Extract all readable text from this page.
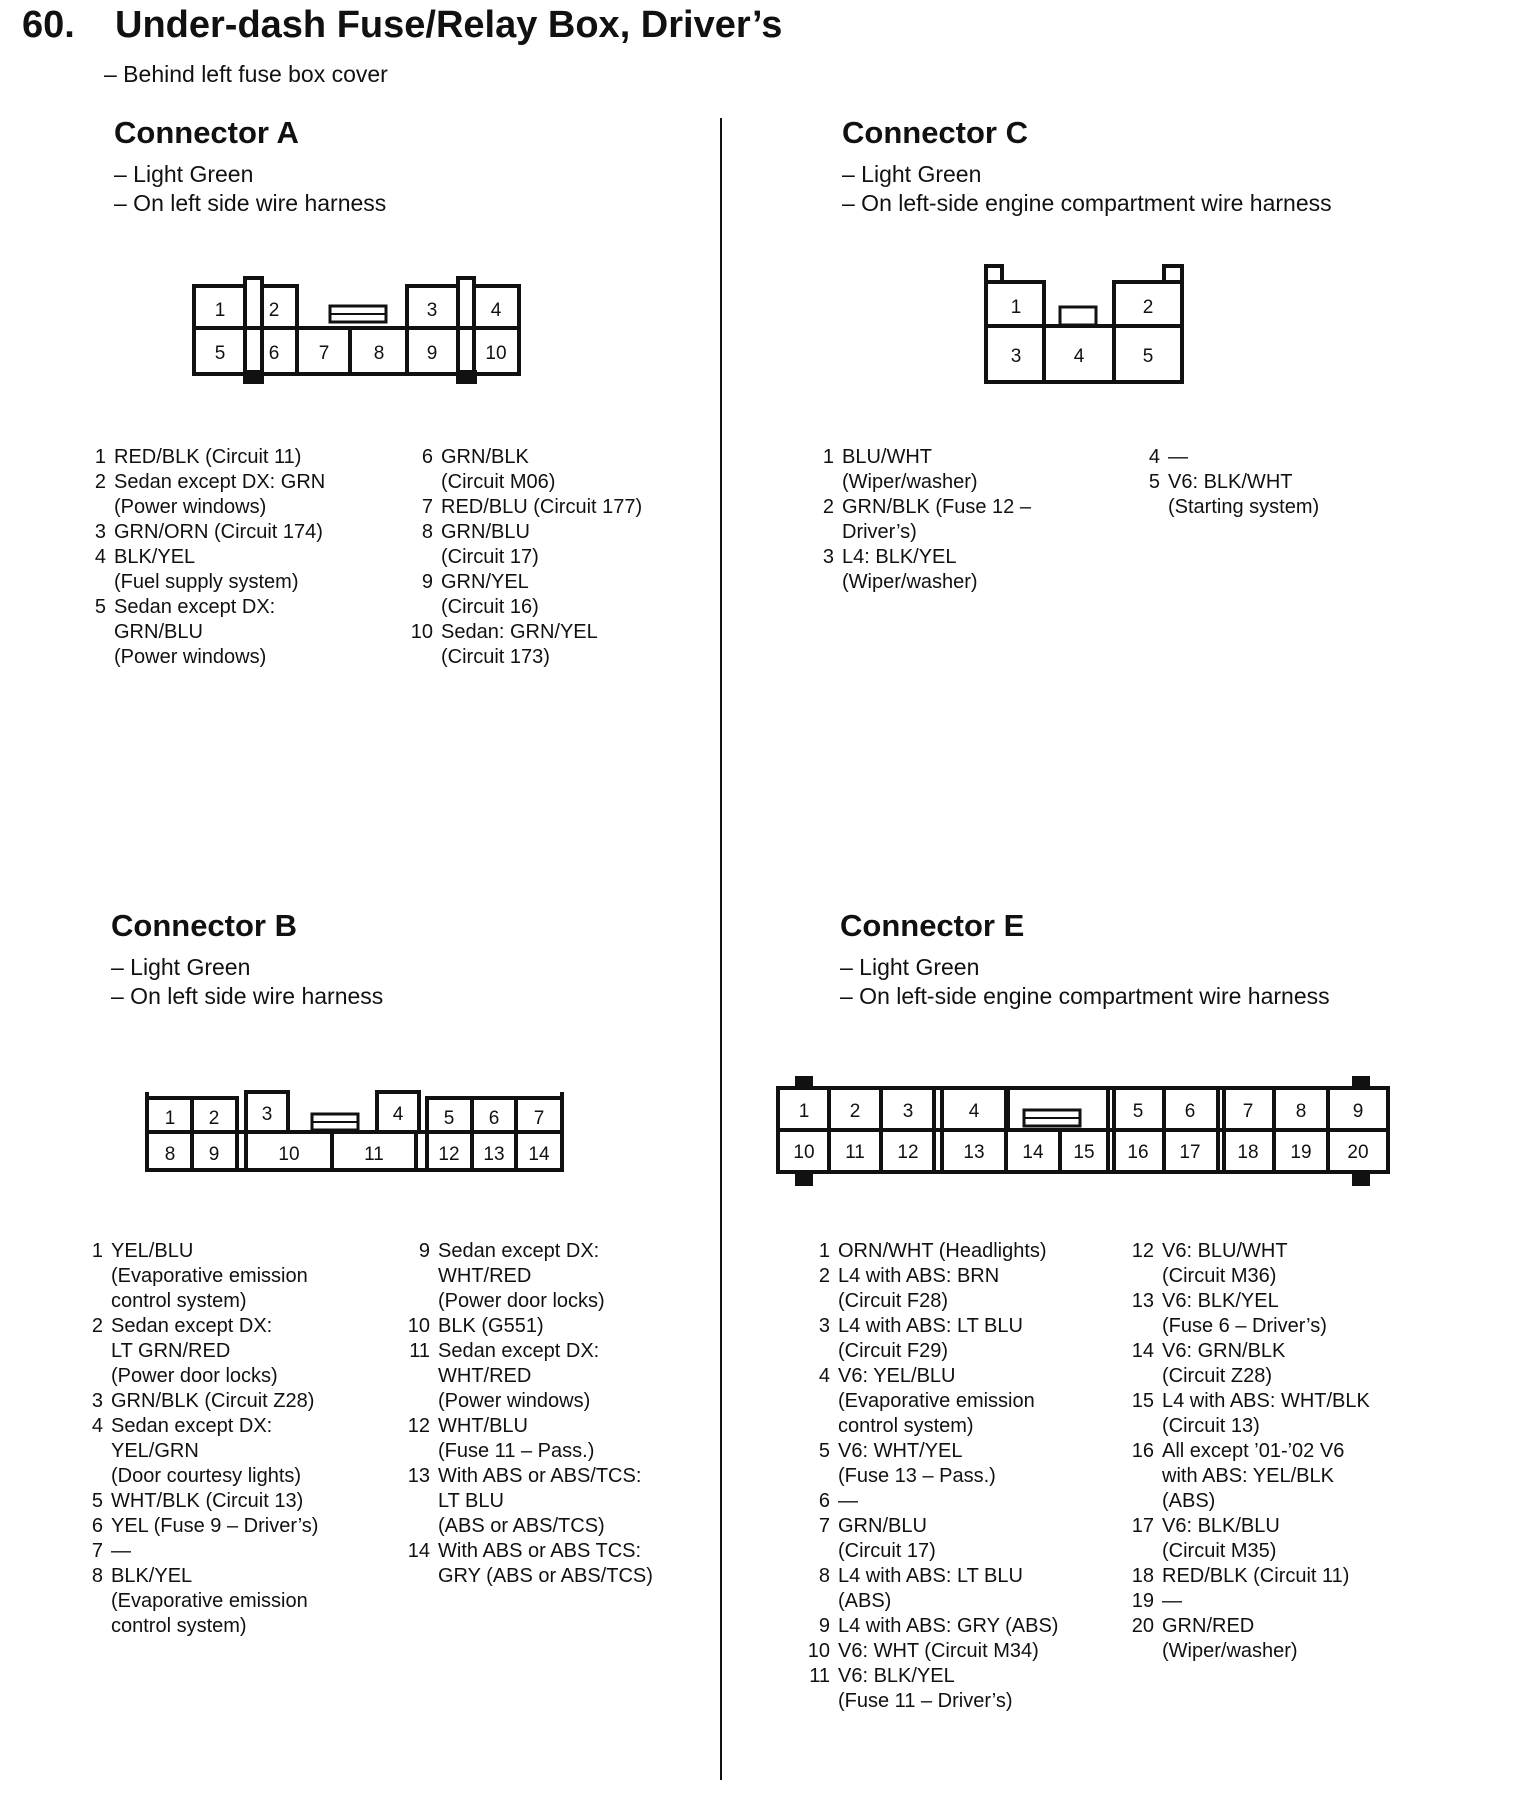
60. Under-dash Fuse/Relay Box, Driver’s
– Behind left fuse box cover
Connector A
– Light Green
– On left side wire harness
1 2	3	4
5 6 7 8 9	10
1 RED/BLK (Circuit 11)
2 Sedan except DX: GRN
(Power windows)
3 GRN/ORN (Circuit 174)
4 BLK/YEL
(Fuel supply system)
5 Sedan except DX:
GRN/BLU
(Power windows)
6 GRN/BLK
(Circuit M06)
7 RED/BLU (Circuit 177)
8 GRN/BLU
(Circuit 17)
9 GRN/YEL
(Circuit 16)
10 Sedan: GRN/YEL
(Circuit 173)
Connector C
– Light Green
– On left-side engine compartment wire harness
1	2
3	4	5
1 BLU/WHT
(Wiper/washer)
2 GRN/BLK (Fuse 12 –
Driver’s)
3 L4: BLK/YEL
(Wiper/washer)
4 —
5 V6: BLK/WHT
(Starting system)
Connector B
– Light Green
– On left side wire harness
1 2 3	4 5 6 7
8 9	10	11	12 13 14
1 YEL/BLU
(Evaporative emission
control system)
2 Sedan except DX:
LT GRN/RED
(Power door locks)
3 GRN/BLK (Circuit Z28)
4 Sedan except DX:
YEL/GRN
(Door courtesy lights)
5 WHT/BLK (Circuit 13)
6 YEL (Fuse 9 – Driver’s)
7 —
8 BLK/YEL
(Evaporative emission
control system)
9 Sedan except DX:
WHT/RED
(Power door locks)
10 BLK (G551)
11 Sedan except DX:
WHT/RED
(Power windows)
12 WHT/BLU
(Fuse 11 – Pass.)
13 With ABS or ABS/TCS:
LT BLU
(ABS or ABS/TCS)
14 With ABS or ABS TCS:
GRY (ABS or ABS/TCS)
Connector E
– Light Green
– On left-side engine compartment wire harness
1 2 3	4	5 6 7 8 9
10 11 12 13 14 15 16 17 18 19 20
1 ORN/WHT (Headlights)
2 L4 with ABS: BRN
(Circuit F28)
3 L4 with ABS: LT BLU
(Circuit F29)
4 V6: YEL/BLU
(Evaporative emission
control system)
5 V6: WHT/YEL
(Fuse 13 – Pass.)
6 —
7 GRN/BLU
(Circuit 17)
8 L4 with ABS: LT BLU
(ABS)
9 L4 with ABS: GRY (ABS)
10 V6: WHT (Circuit M34)
11 V6: BLK/YEL
(Fuse 11 – Driver’s)
12 V6: BLU/WHT
(Circuit M36)
13 V6: BLK/YEL
(Fuse 6 – Driver’s)
14 V6: GRN/BLK
(Circuit Z28)
15 L4 with ABS: WHT/BLK
(Circuit 13)
16 All except ’01-’02 V6
with ABS: YEL/BLK
(ABS)
17 V6: BLK/BLU
(Circuit M35)
18 RED/BLK (Circuit 11)
19 —
20 GRN/RED
(Wiper/washer)
